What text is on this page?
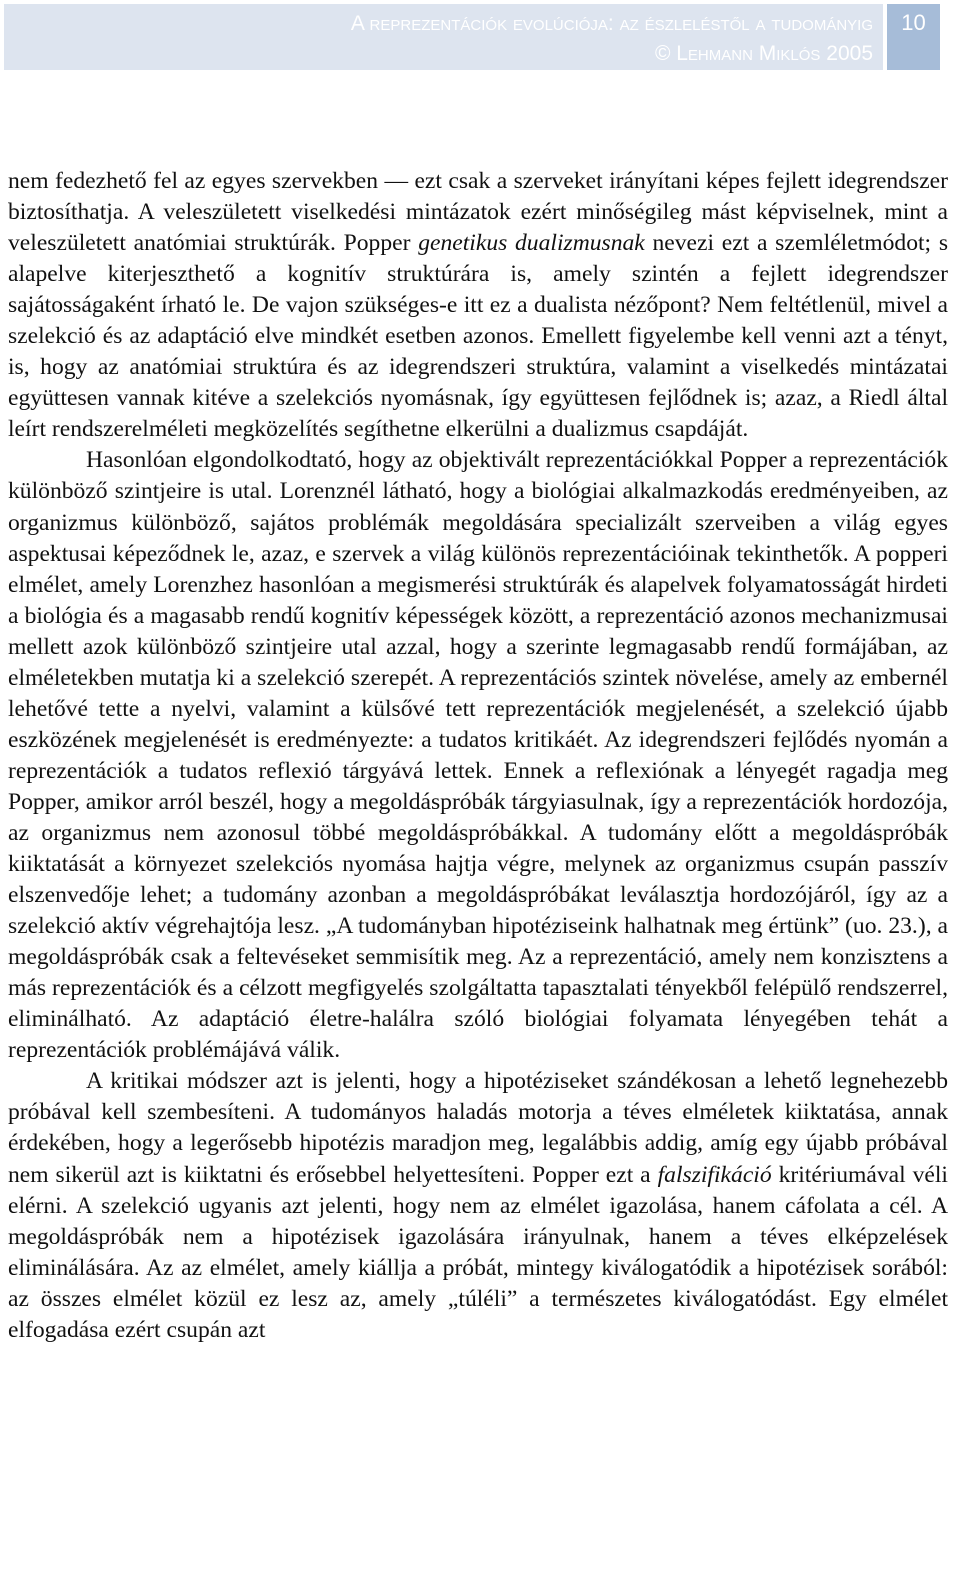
A reprezentációk evolúciója: az észleléstől a tudományig
© Lehmann Miklós 2005
10

nem fedezhető fel az egyes szervekben — ezt csak a szerveket irányítani képes fejlett idegrendszer biztosíthatja. A veleszületett viselkedési mintázatok ezért minőségileg mást képviselnek, mint a veleszületett anatómiai struktúrák. Popper genetikus dualizmusnak nevezi ezt a szemléletmódot; s alapelve kiterjeszthető a kognitív struktúrára is, amely szintén a fejlett idegrendszer sajátosságaként írható le. De vajon szükséges-e itt ez a dualista nézőpont? Nem feltétlenül, mivel a szelekció és az adaptáció elve mindkét esetben azonos. Emellett figyelembe kell venni azt a tényt, is, hogy az anatómiai struktúra és az idegrendszeri struktúra, valamint a viselkedés mintázatai együttesen vannak kitéve a szelekciós nyomásnak, így együttesen fejlődnek is; azaz, a Riedl által leírt rendszerelméleti megközelítés segíthetne elkerülni a dualizmus csapdáját.

Hasonlóan elgondolkodtató, hogy az objektivált reprezentációkkal Popper a reprezentációk különböző szintjeire is utal. Lorenznél látható, hogy a biológiai alkalmazkodás eredményeiben, az organizmus különböző, sajátos problémák megoldására specializált szerveiben a világ egyes aspektusai képeződnek le, azaz, e szervek a világ különös reprezentációinak tekinthetők. A popperi elmélet, amely Lorenzhez hasonlóan a megismerési struktúrák és alapelvek folyamatosságát hirdeti a biológia és a magasabb rendű kognitív képességek között, a reprezentáció azonos mechanizmusai mellett azok különböző szintjeire utal azzal, hogy a szerinte legmagasabb rendű formájában, az elméletekben mutatja ki a szelekció szerepét. A reprezentációs szintek növelése, amely az embernél lehetővé tette a nyelvi, valamint a külsővé tett reprezentációk megjelenését, a szelekció újabb eszközének megjelenését is eredményezte: a tudatos kritikáét. Az idegrendszeri fejlődés nyomán a reprezentációk a tudatos reflexió tárgyává lettek. Ennek a reflexiónak a lényegét ragadja meg Popper, amikor arról beszél, hogy a megoldáspróbák tárgyiasulnak, így a reprezentációk hordozója, az organizmus nem azonosul többé megoldáspróbákkal. A tudomány előtt a megoldáspróbák kiiktatását a környezet szelekciós nyomása hajtja végre, melynek az organizmus csupán passzív elszenvedője lehet; a tudomány azonban a megoldáspróbákat leválasztja hordozójáról, így az a szelekció aktív végrehajtója lesz. „A tudományban hipotéziseink halhatnak meg értünk” (uo. 23.), a megoldáspróbák csak a feltevéseket semmisítik meg. Az a reprezentáció, amely nem konzisztens a más reprezentációk és a célzott megfigyelés szolgáltatta tapasztalati tényekből felépülő rendszerrel, eliminálható. Az adaptáció életre-halálra szóló biológiai folyamata lényegében tehát a reprezentációk problémájává válik.

A kritikai módszer azt is jelenti, hogy a hipotéziseket szándékosan a lehető legnehezebb próbával kell szembesíteni. A tudományos haladás motorja a téves elméletek kiiktatása, annak érdekében, hogy a legerősebb hipotézis maradjon meg, legalábbis addig, amíg egy újabb próbával nem sikerül azt is kiiktatni és erősebbel helyettesíteni. Popper ezt a falszifikáció kritériumával véli elérni. A szelekció ugyanis azt jelenti, hogy nem az elmélet igazolása, hanem cáfolata a cél. A megoldáspróbák nem a hipotézisek igazolására irányulnak, hanem a téves elképzelések eliminálására. Az az elmélet, amely kiállja a próbát, mintegy kiválogatódik a hipotézisek sorából: az összes elmélet közül ez lesz az, amely „túléli” a természetes kiválogatódást. Egy elmélet elfogadása ezért csupán azt
